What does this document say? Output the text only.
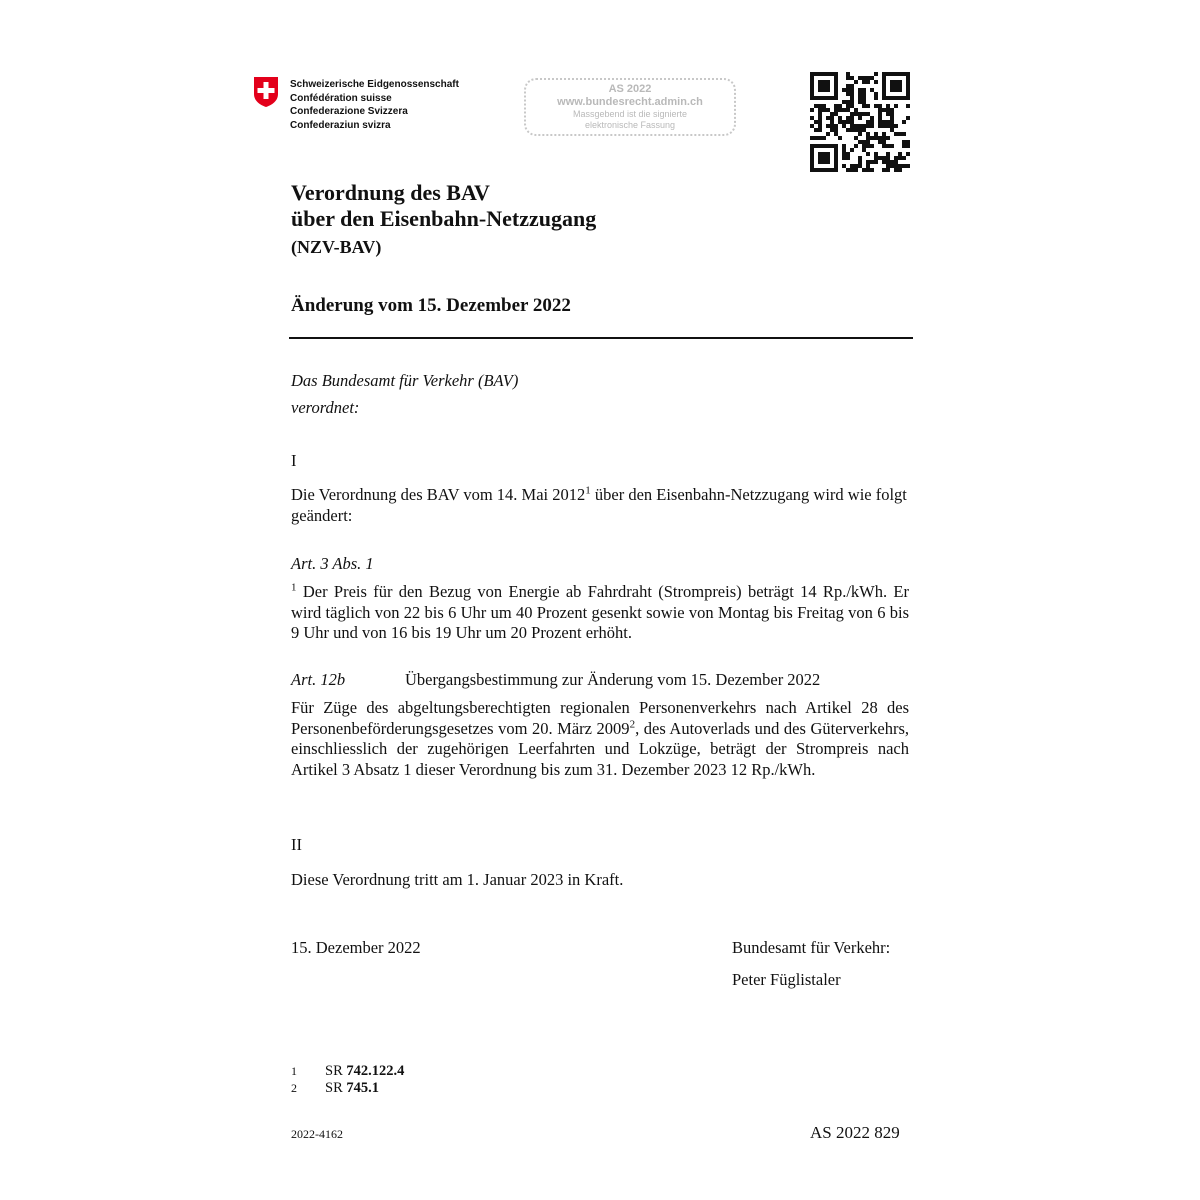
Schweizerische Eidgenossenschaft
Confédération suisse
Confederazione Svizzera
Confederaziun svizra
AS 2022
www.bundesrecht.admin.ch
Massgebend ist die signierte
elektronische Fassung
Verordnung des BAV
über den Eisenbahn-Netzzugang
(NZV-BAV)
Änderung vom 15. Dezember 2022
Das Bundesamt für Verkehr (BAV)
verordnet:
I
Die Verordnung des BAV vom 14. Mai 2012$^1$ über den Eisenbahn-Netzzugang wird wie folgt geändert:
Art. 3 Abs. 1
$^1$ Der Preis für den Bezug von Energie ab Fahrdraht (Strompreis) beträgt 14 Rp./kWh. Er wird täglich von 22 bis 6 Uhr um 40 Prozent gesenkt sowie von Montag bis Freitag von 6 bis 9 Uhr und von 16 bis 19 Uhr um 20 Prozent erhöht.
Art. 12b	Übergangsbestimmung zur Änderung vom 15. Dezember 2022
Für Züge des abgeltungsberechtigten regionalen Personenverkehrs nach Artikel 28 des Personenbeförderungsgesetzes vom 20. März 2009$^2$, des Autoverlads und des Güterverkehrs, einschliesslich der zugehörigen Leerfahrten und Lokzüge, beträgt der Strompreis nach Artikel 3 Absatz 1 dieser Verordnung bis zum 31. Dezember 2023 12 Rp./kWh.
II
Diese Verordnung tritt am 1. Januar 2023 in Kraft.
15. Dezember 2022	Bundesamt für Verkehr:
Peter Füglistaler
1 SR 742.122.4
2 SR 745.1
2022-4162	AS 2022 829
